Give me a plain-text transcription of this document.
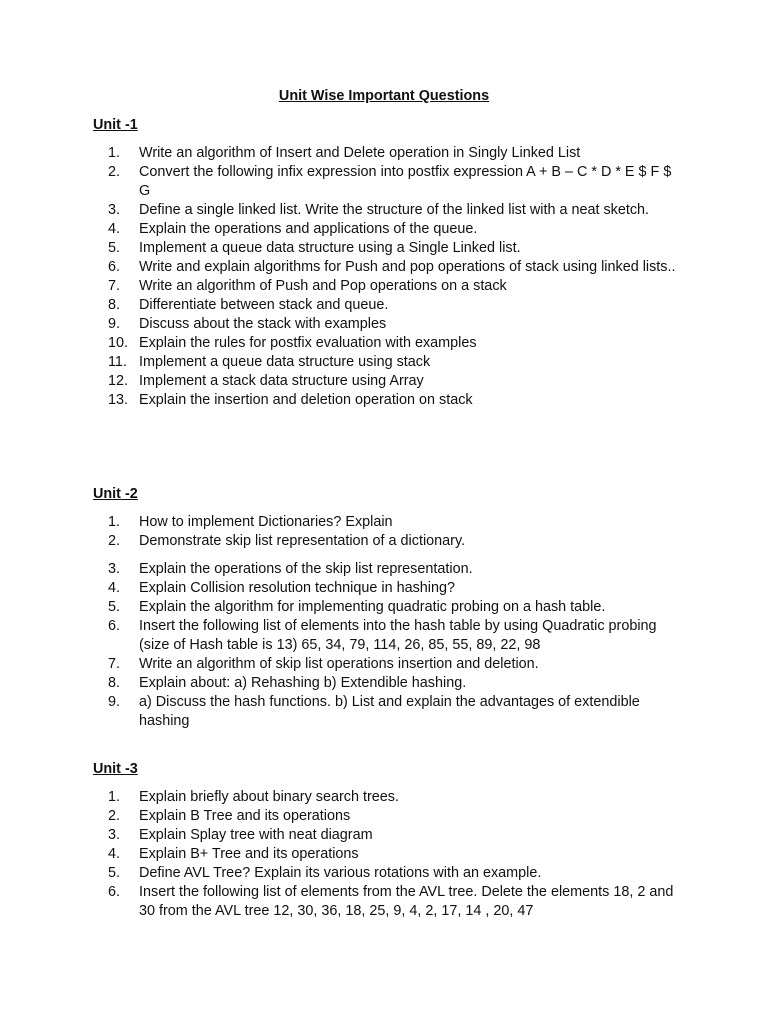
Unit Wise Important Questions
Unit -1
1.	Write an algorithm of Insert and Delete operation in Singly Linked List
2.	Convert the following infix expression into postfix expression A + B – C * D * E $ F $ G
3.	Define a single linked list. Write the structure of the linked list with a neat sketch.
4.	Explain the operations and applications of the queue.
5.	Implement a queue data structure using a Single Linked list.
6.	Write and explain algorithms for Push and pop operations of stack using linked lists..
7.	Write an algorithm of Push and Pop operations on a stack
8.	Differentiate between stack and queue.
9.	Discuss about the stack with examples
10. Explain the rules for postfix evaluation with examples
11. Implement a queue data structure using stack
12. Implement a stack data structure using Array
13. Explain the insertion and deletion operation on stack
Unit -2
1.	How to implement Dictionaries? Explain
2.	Demonstrate skip list representation of a dictionary.
3.	Explain the operations of the skip list representation.
4.	Explain Collision resolution technique in hashing?
5.	Explain the algorithm for implementing quadratic probing on a hash table.
6.	Insert the following list of elements into the hash table by using Quadratic probing (size of Hash table is 13) 65, 34, 79, 114, 26, 85, 55, 89, 22, 98
7.	Write an algorithm of skip list operations insertion and deletion.
8.	Explain about: a) Rehashing b) Extendible hashing.
9.	a) Discuss the hash functions. b) List and explain the advantages of extendible hashing
Unit -3
1.	Explain briefly about binary search trees.
2.	Explain B Tree and its operations
3.	Explain Splay tree with neat diagram
4.	Explain B+ Tree and its operations
5.	Define AVL Tree? Explain its various rotations with an example.
6.	Insert the following list of elements from the AVL tree. Delete the elements 18, 2 and 30 from the AVL tree 12, 30, 36, 18, 25, 9, 4, 2, 17, 14 , 20, 47
